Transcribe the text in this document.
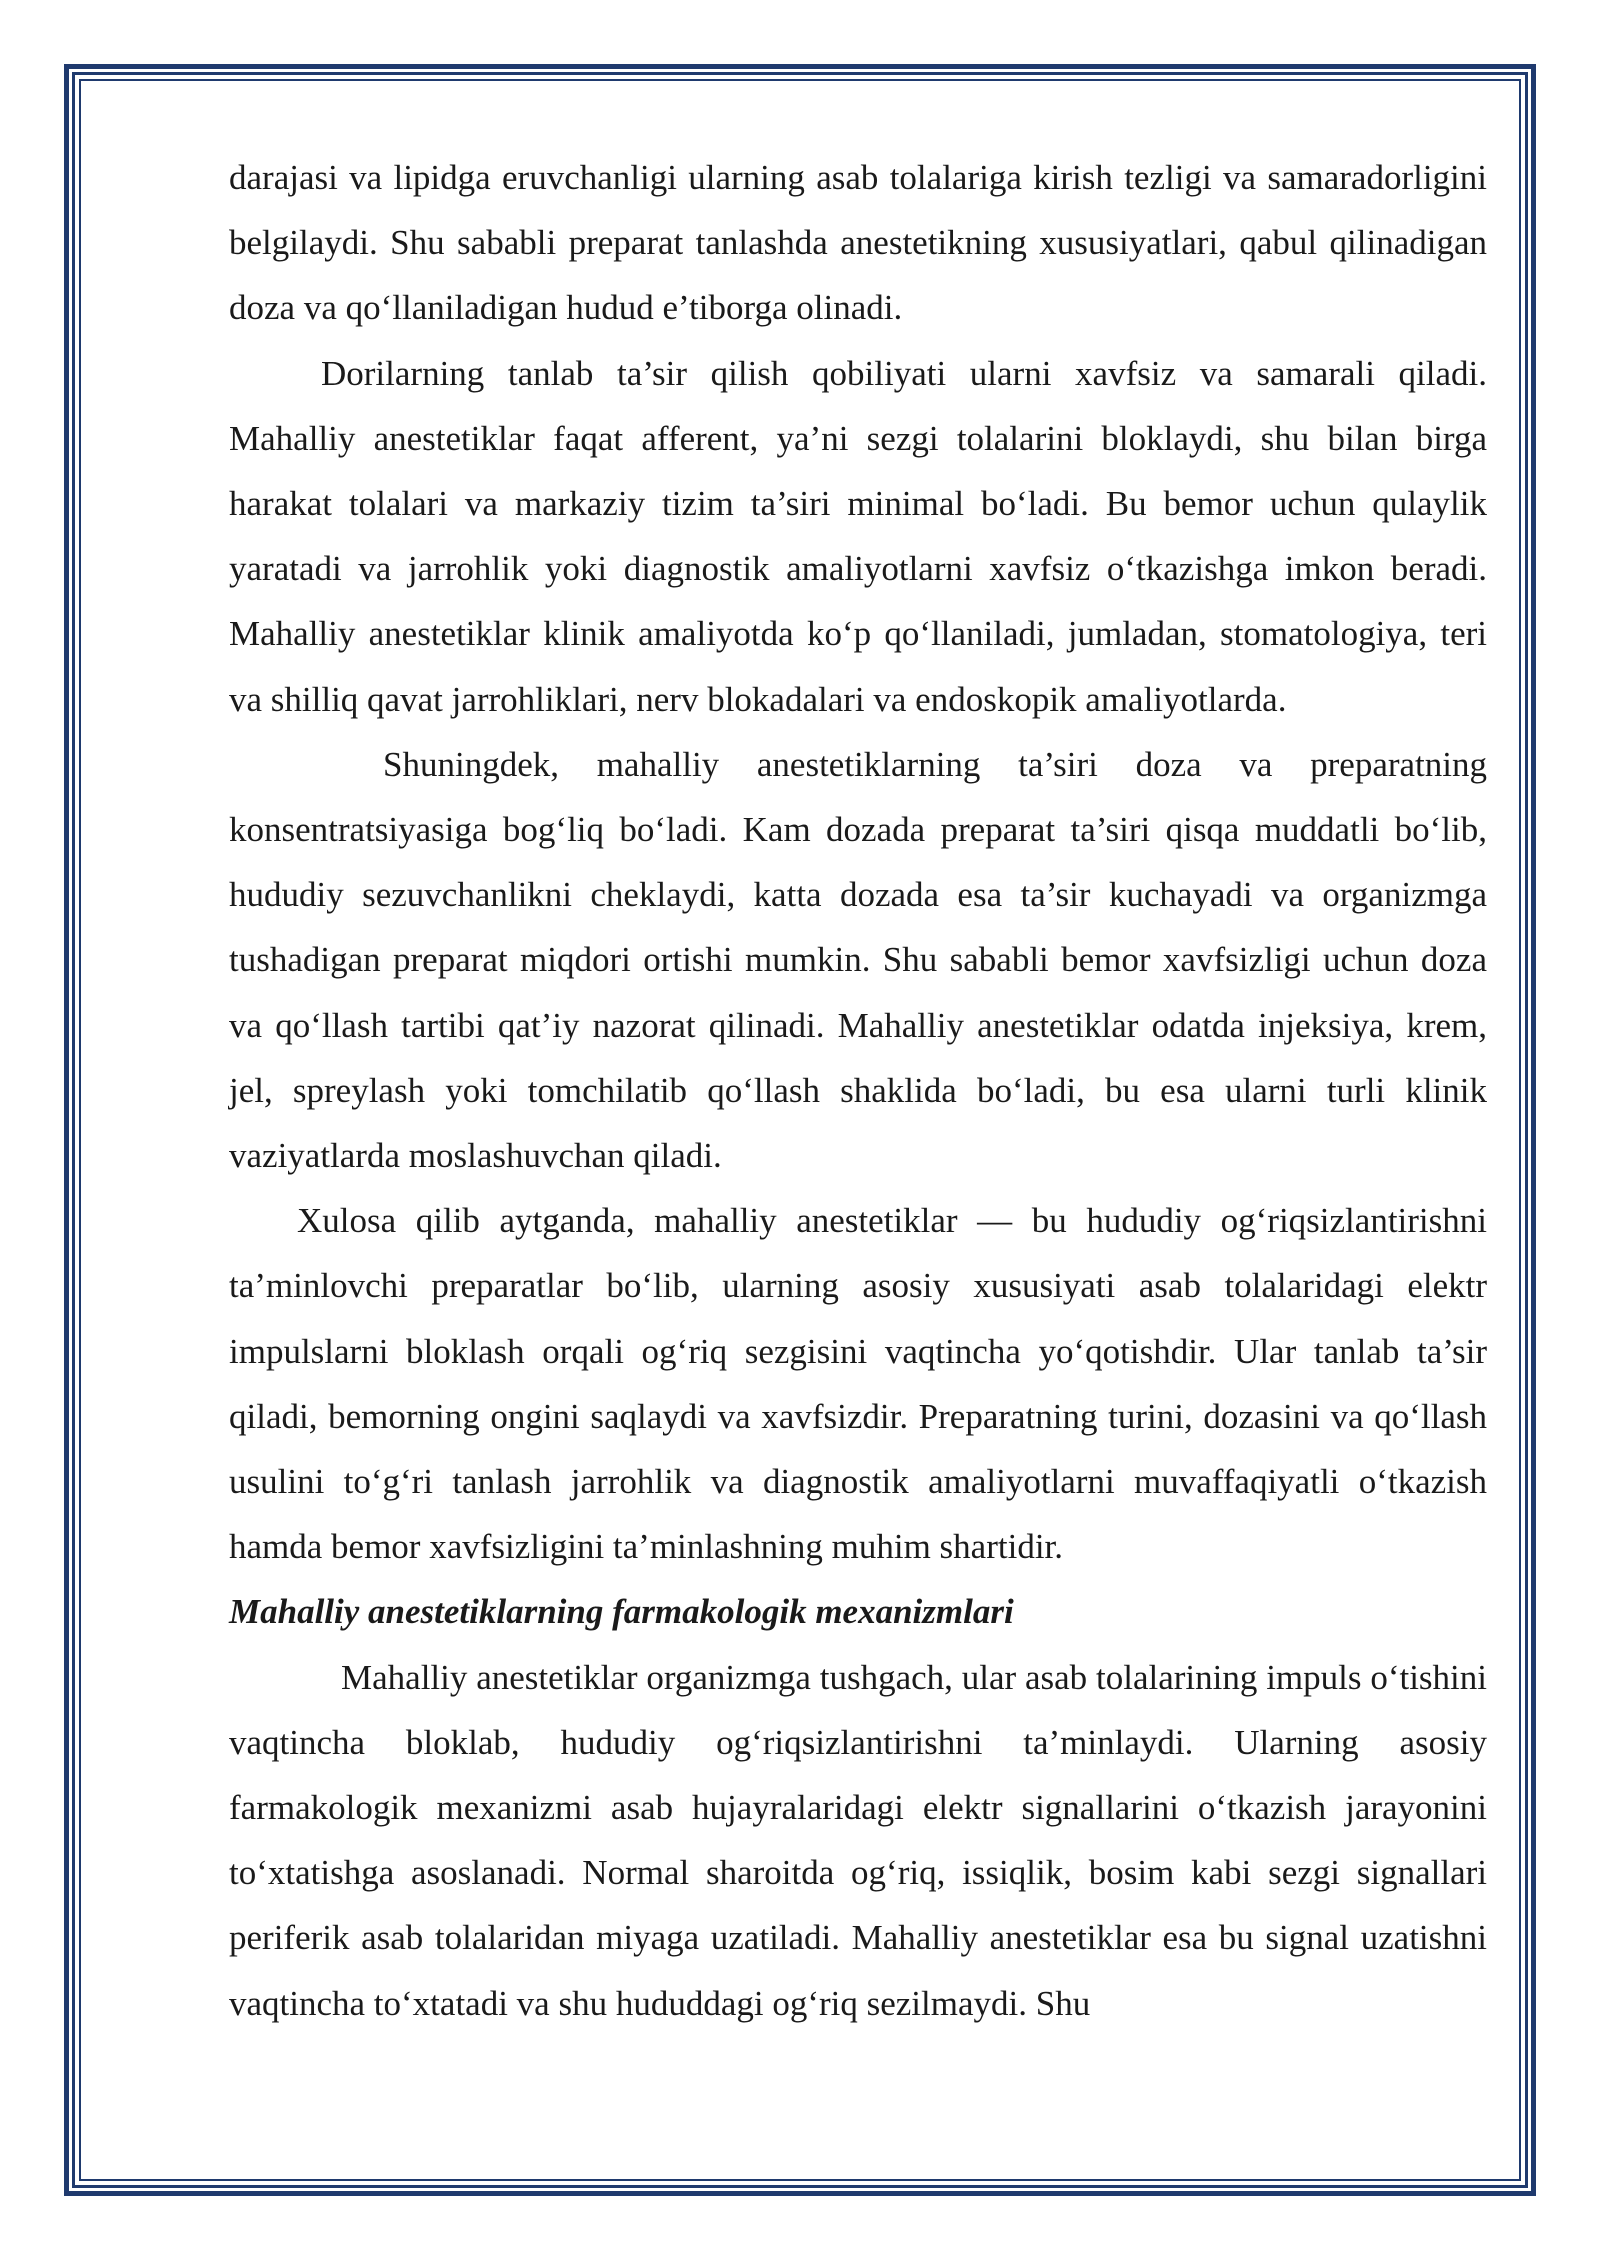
darajasi va lipidga eruvchanligi ularning asab tolalariga kirish tezligi va samaradorligini belgilaydi. Shu sababli preparat tanlashda anestetikning xususiyatlari, qabul qilinadigan doza va qo‘llaniladigan hudud e’tiborga olinadi.

Dorilarning tanlab ta’sir qilish qobiliyati ularni xavfsiz va samarali qiladi. Mahalliy anestetiklar faqat afferent, ya’ni sezgi tolalarini bloklaydi, shu bilan birga harakat tolalari va markaziy tizim ta’siri minimal bo‘ladi. Bu bemor uchun qulaylik yaratadi va jarrohlik yoki diagnostik amaliyotlarni xavfsiz o‘tkazishga imkon beradi. Mahalliy anestetiklar klinik amaliyotda ko‘p qo‘llaniladi, jumladan, stomatologiya, teri va shilliq qavat jarrohliklari, nerv blokadalari va endoskopik amaliyotlarda.

Shuningdek, mahalliy anestetiklarning ta’siri doza va preparatning konsentratsiyasiga bog‘liq bo‘ladi. Kam dozada preparat ta’siri qisqa muddatli bo‘lib, hududiy sezuvchanlikni cheklaydi, katta dozada esa ta’sir kuchayadi va organizmga tushadigan preparat miqdori ortishi mumkin. Shu sababli bemor xavfsizligi uchun doza va qo‘llash tartibi qat’iy nazorat qilinadi. Mahalliy anestetiklar odatda injeksiya, krem, jel, spreylash yoki tomchilatib qo‘llash shaklida bo‘ladi, bu esa ularni turli klinik vaziyatlarda moslashuvchan qiladi.

Xulosa qilib aytganda, mahalliy anestetiklar — bu hududiy og‘riqsizlantirishni ta’minlovchi preparatlar bo‘lib, ularning asosiy xususiyati asab tolalaridagi elektr impulslarni bloklash orqali og‘riq sezgisini vaqtincha yo‘qotishdir. Ular tanlab ta’sir qiladi, bemorning ongini saqlaydi va xavfsizdir. Preparatning turini, dozasini va qo‘llash usulini to‘g‘ri tanlash jarrohlik va diagnostik amaliyotlarni muvaffaqiyatli o‘tkazish hamda bemor xavfsizligini ta’minlashning muhim shartidir.

Mahalliy anestetiklarning farmakologik mexanizmlari

Mahalliy anestetiklar organizmga tushgach, ular asab tolalarining impuls o‘tishini vaqtincha bloklab, hududiy og‘riqsizlantirishni ta’minlaydi. Ularning asosiy farmakologik mexanizmi asab hujayralaridagi elektr signallarini o‘tkazish jarayonini to‘xtatishga asoslanadi. Normal sharoitda og‘riq, issiqlik, bosim kabi sezgi signallari periferik asab tolalaridan miyaga uzatiladi. Mahalliy anestetiklar esa bu signal uzatishni vaqtincha to‘xtatadi va shu hududdagi og‘riq sezilmaydi. Shu
